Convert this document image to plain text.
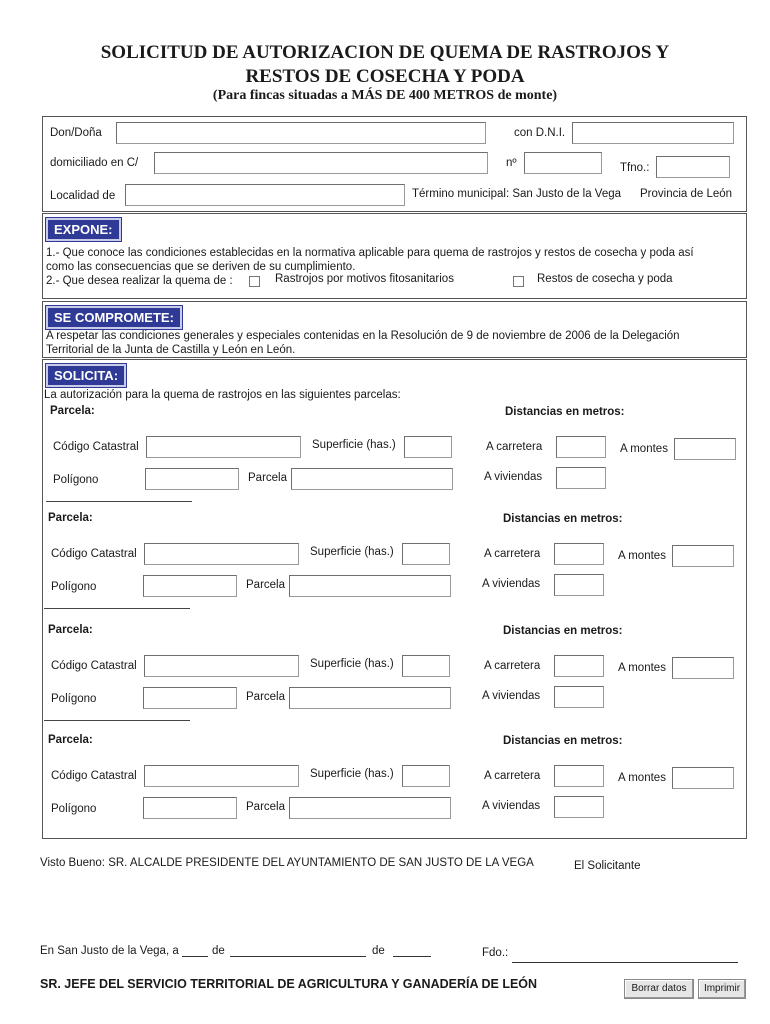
SOLICITUD DE AUTORIZACION DE QUEMA DE RASTROJOS Y
RESTOS DE COSECHA Y PODA
(Para fincas situadas a MÁS DE 400 METROS de monte)
Don/Doña	con D.N.I.
domiciliado en C/	nº	Tfno.:
Localidad de	Término municipal: San Justo de la Vega Provincia de León
EXPONE:
1.- Que conoce las condiciones establecidas en la normativa aplicable para quema de rastrojos y restos de cosecha y poda así
como las consecuencias que se deriven de su cumplimiento.
2.- Que desea realizar la quema de :	Rastrojos por motivos fitosanitarios	Restos de cosecha y poda
SE COMPROMETE:
A respetar las condiciones generales y especiales contenidas en la Resolución de 9 de noviembre de 2006 de la Delegación
Territorial de la Junta de Castilla y León en León.
SOLICITA:
La autorización para la quema de rastrojos en las siguientes parcelas:
Parcela:	Distancias en metros:
Código Catastral	Superficie (has.)	A carretera	A montes
Polígono	Parcela	A viviendas
Parcela:	Distancias en metros:
Código Catastral	Superficie (has.)	A carretera	A montes
Polígono	Parcela	A viviendas
Parcela:	Distancias en metros:
Código Catastral	Superficie (has.)	A carretera	A montes
Polígono	Parcela	A viviendas
Parcela:	Distancias en metros:
Código Catastral	Superficie (has.)	A carretera	A montes
Polígono	Parcela	A viviendas
Visto Bueno: SR. ALCALDE PRESIDENTE DEL AYUNTAMIENTO DE SAN JUSTO DE LA VEGA	El Solicitante
En San Justo de la Vega, a	de	de	Fdo.:
SR. JEFE DEL SERVICIO TERRITORIAL DE AGRICULTURA Y GANADERÍA DE LEÓN	Borrar datos	Imprimir
